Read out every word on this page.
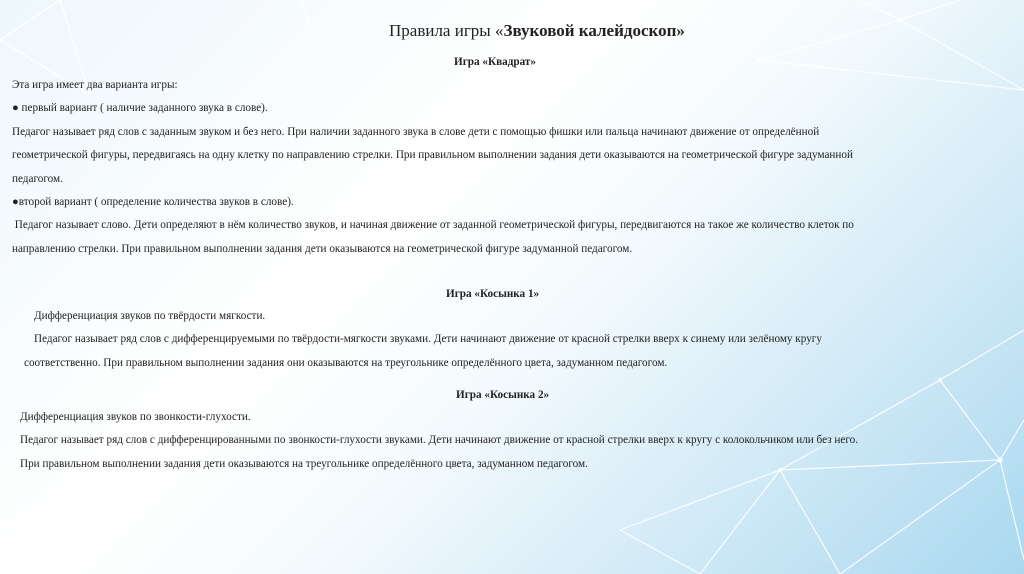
Правила игры «Звуковой калейдоскоп»
Игра «Квадрат»
Эта игра имеет два варианта игры:
● первый вариант ( наличие заданного звука в слове).
Педагог называет ряд слов с заданным звуком и без него. При наличии заданного звука в слове дети с помощью фишки или пальца начинают движение от определённой
геометрической фигуры, передвигаясь на одну клетку по направлению стрелки. При правильном выполнении задания дети оказываются на геометрической фигуре задуманной
педагогом.
●второй вариант ( определение количества звуков в слове).
Педагог называет слово. Дети определяют в нём количество звуков, и начиная движение от заданной геометрической фигуры, передвигаются на такое же количество клеток по
направлению стрелки. При правильном выполнении задания дети оказываются на геометрической фигуре задуманной педагогом.
Игра «Косынка 1»
Дифференциация звуков по твёрдости мягкости.
Педагог называет ряд слов с дифференцируемыми по твёрдости-мягкости звуками. Дети начинают движение от красной стрелки вверх к синему или зелёному кругу
соответственно. При правильном выполнении задания они оказываются на треугольнике определённого цвета, задуманном педагогом.
Игра «Косынка 2»
Дифференциация звуков по звонкости-глухости.
Педагог называет ряд слов с дифференцированными по звонкости-глухости звуками. Дети начинают движение от красной стрелки вверх к кругу с колокольчиком или без него.
При правильном выполнении задания дети оказываются на треугольнике определённого цвета, задуманном педагогом.
